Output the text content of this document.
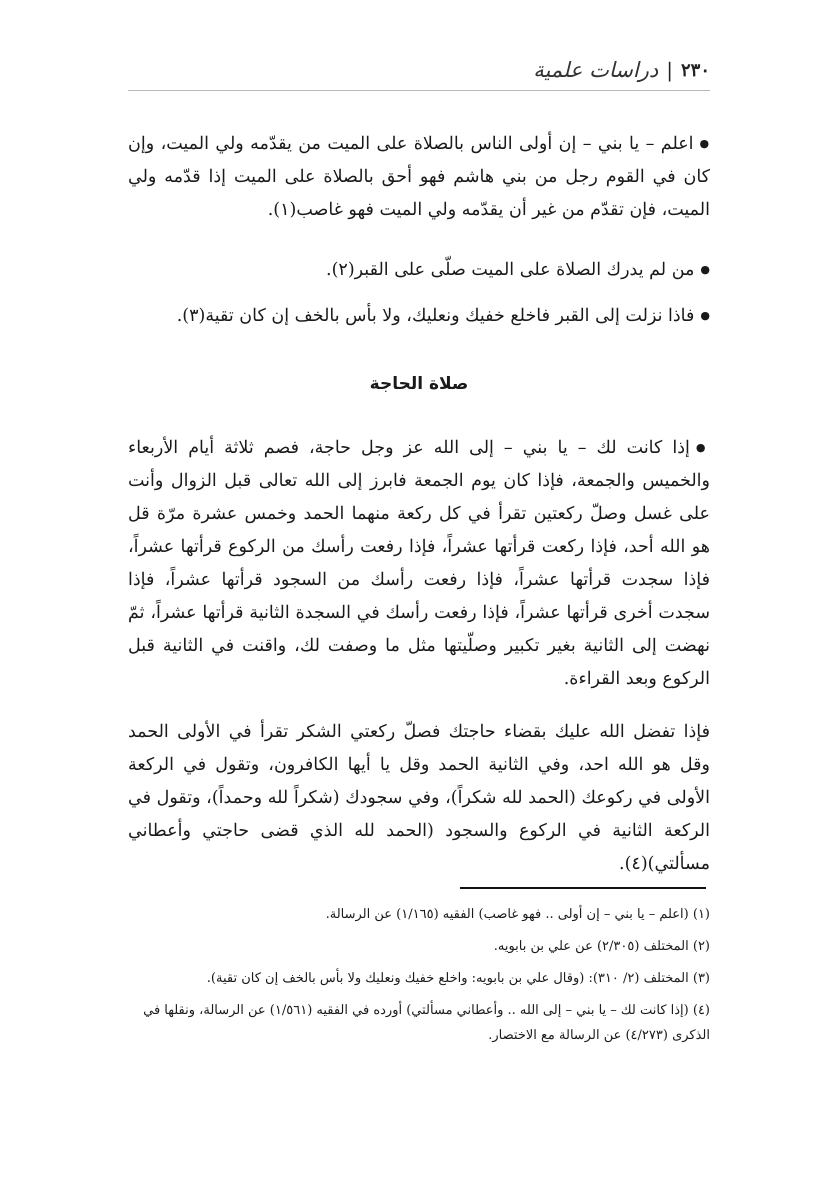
٢٣٠
|
دراسات علمية

● اعلم – يا بني – إن أولى الناس بالصلاة على الميت من يقدّمه ولي الميت، وإن كان في القوم رجل من بني هاشم فهو أحق بالصلاة على الميت إذا قدّمه ولي الميت، فإن تقدّم من غير أن يقدّمه ولي الميت فهو غاصب(١).

● من لم يدرك الصلاة على الميت صلّى على القبر(٢).

● فاذا نزلت إلى القبر فاخلع خفيك ونعليك، ولا بأس بالخف إن كان تقية(٣).

صلاة الحاجة

● إذا كانت لك – يا بني – إلى الله عز وجل حاجة، فصم ثلاثة أيام الأربعاء والخميس والجمعة، فإذا كان يوم الجمعة فابرز إلى الله تعالى قبل الزوال وأنت على غسل وصلّ ركعتين تقرأ في كل ركعة منهما الحمد وخمس عشرة مرّة قل هو الله أحد، فإذا ركعت قرأتها عشراً، فإذا رفعت رأسك من الركوع قرأتها عشراً، فإذا سجدت قرأتها عشراً، فإذا رفعت رأسك من السجود قرأتها عشراً، فإذا سجدت أخرى قرأتها عشراً، فإذا رفعت رأسك في السجدة الثانية قرأتها عشراً، ثمّ نهضت إلى الثانية بغير تكبير وصلّيتها مثل ما وصفت لك، واقنت في الثانية قبل الركوع وبعد القراءة.

فإذا تفضل الله عليك بقضاء حاجتك فصلّ ركعتي الشكر تقرأ في الأولى الحمد وقل هو الله احد، وفي الثانية الحمد وقل يا أيها الكافرون، وتقول في الركعة الأولى في ركوعك (الحمد لله شكراً)، وفي سجودك (شكراً لله وحمداً)، وتقول في الركعة الثانية في الركوع والسجود (الحمد لله الذي قضى حاجتي وأعطاني مسألتي)(٤).

(١) (اعلم – يا بني – إن أولى .. فهو غاصب) الفقيه (١/١٦٥) عن الرسالة.
(٢) المختلف (٢/٣٠٥) عن علي بن بابويه.
(٣) المختلف (٢/ ٣١٠): (وقال علي بن بابويه: واخلع خفيك ونعليك ولا بأس بالخف إن كان تقية).
(٤) (إذا كانت لك – يا بني – إلى الله .. وأعطاني مسألتي) أورده في الفقيه (١/٥٦١) عن الرسالة، ونقلها في الذكرى (٤/٢٧٣) عن الرسالة مع الاختصار.
